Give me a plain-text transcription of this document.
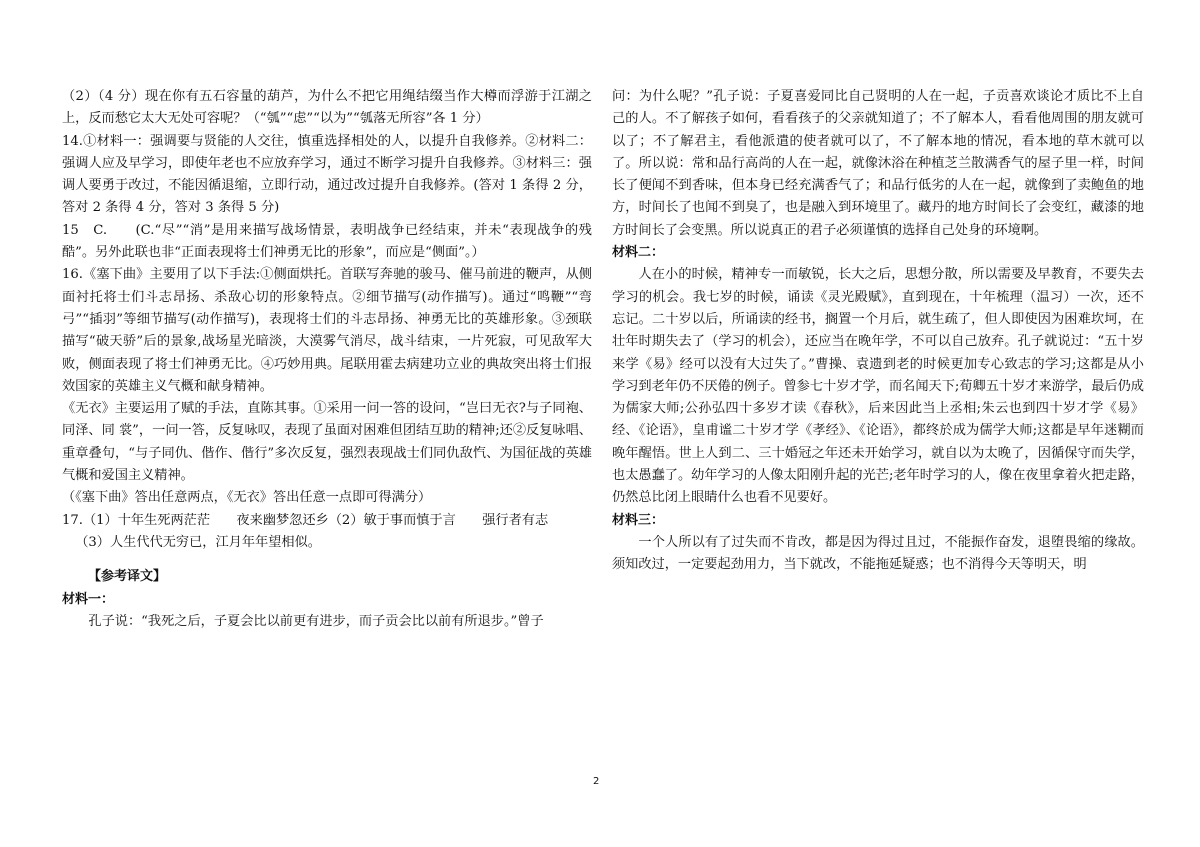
（2）（4 分）现在你有五石容量的葫芦，为什么不把它用绳结缀当作大樽而浮游于江湖之上，反而愁它太大无处可容呢？（“瓠”“虑”“以为”“瓠落无所容”各 1 分）

14.①材料一：强调要与贤能的人交往，慎重选择相处的人，以提升自我修养。②材料二：强调人应及早学习，即使年老也不应放弃学习，通过不断学习提升自我修养。③材料三：强调人要勇于改过，不能因循退缩，立即行动，通过改过提升自我修养。(答对 1 条得 2 分，答对 2 条得 4 分，答对 3 条得 5 分)

15　C.　　(C.“尽”“消”是用来描写战场情景，表明战争已经结束，并未“表现战争的残酷”。另外此联也非“正面表现将士们神勇无比的形象”，而应是“侧面”。）

16.《塞下曲》主要用了以下手法:①侧面烘托。首联写奔驰的骏马、催马前进的鞭声，从侧面衬托将士们斗志昂扬、杀敌心切的形象特点。②细节描写(动作描写)。通过“鸣鞭”“弯弓”“插羽”等细节描写(动作描写)，表现将士们的斗志昂扬、神勇无比的英雄形象。③颈联描写“破天骄”后的景象,战场星光暗淡，大漠雾气消尽，战斗结束，一片死寂，可见敌军大败，侧面表现了将士们神勇无比。④巧妙用典。尾联用霍去病建功立业的典故突出将士们报效国家的英雄主义气概和献身精神。

《无衣》主要运用了赋的手法，直陈其事。①采用一问一答的设问，“岂曰无衣?与子同袍、同泽、同 裳”，一问一答，反复咏叹，表现了虽面对困难但团结互助的精神;还②反复咏唱、重章叠句，“与子同仇、偕作、偕行”多次反复，强烈表现战士们同仇敌忾、为国征战的英雄气概和爱国主义精神。

（《塞下曲》答出任意两点，《无衣》答出任意一点即可得满分）

17.（1）十年生死两茫茫　　夜来幽梦忽还乡（2）敏于事而慎于言　　强行者有志

（3）人生代代无穷已，江月年年望相似。

【参考译文】

材料一：

孔子说：“我死之后，子夏会比以前更有进步，而子贡会比以前有所退步。”曾子

问：为什么呢？”孔子说：子夏喜爱同比自己贤明的人在一起，子贡喜欢谈论才质比不上自己的人。不了解孩子如何，看看孩子的父亲就知道了；不了解本人，看看他周围的朋友就可以了；不了解君主，看他派遣的使者就可以了，不了解本地的情况，看本地的草木就可以了。所以说：常和品行高尚的人在一起，就像沐浴在种植芝兰散满香气的屋子里一样，时间长了便闻不到香味，但本身已经充满香气了；和品行低劣的人在一起，就像到了卖鲍鱼的地方，时间长了也闻不到臭了，也是融入到环境里了。藏丹的地方时间长了会变红，藏漆的地方时间长了会变黑。所以说真正的君子必须谨慎的选择自己处身的环境啊。

材料二：

人在小的时候，精神专一而敏锐，长大之后，思想分散，所以需要及早教育，不要失去学习的机会。我七岁的时候，诵读《灵光殿赋》，直到现在，十年梳理（温习）一次，还不忘记。二十岁以后，所诵读的经书，搁置一个月后，就生疏了，但人即使因为困难坎坷，在壮年时期失去了（学习的机会），还应当在晚年学，不可以自己放弃。孔子就说过：“五十岁来学《易》经可以没有大过失了。”曹操、袁遗到老的时候更加专心致志的学习;这都是从小学习到老年仍不厌倦的例子。曾参七十岁才学，而名闻天下;荀卿五十岁才来游学，最后仍成为儒家大师;公孙弘四十多岁才读《春秋》，后来因此当上丞相;朱云也到四十岁才学《易》经、《论语》，皇甫谧二十岁才学《孝经》、《论语》，都终於成为儒学大师;这都是早年迷糊而晚年醒悟。世上人到二、三十婚冠之年还未开始学习，就自以为太晚了，因循保守而失学，也太愚蠢了。幼年学习的人像太阳刚升起的光芒;老年时学习的人，像在夜里拿着火把走路，仍然总比闭上眼睛什么也看不见要好。

材料三：

一个人所以有了过失而不肯改，都是因为得过且过，不能振作奋发，退堕畏缩的缘故。须知改过，一定要起劲用力，当下就改，不能拖延疑惑；也不消得今天等明天，明

2
